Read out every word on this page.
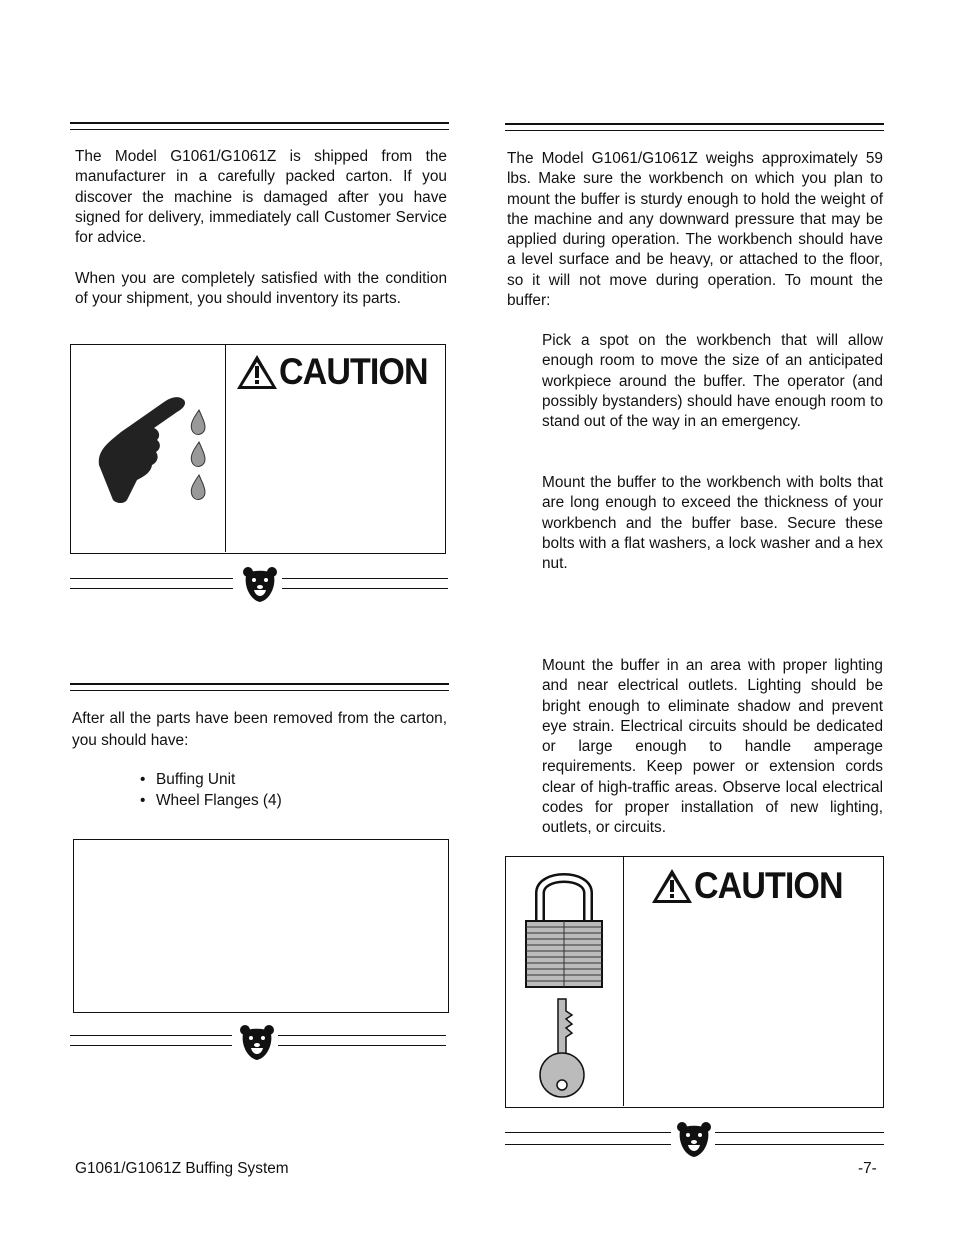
The Model G1061/G1061Z is shipped from the manufacturer in a carefully packed carton. If you discover the machine is damaged after you have signed for delivery, immediately call Customer Service for advice.

When you are completely satisfied with the condition of your shipment, you should inventory its parts.

CAUTION

After all the parts have been removed from the carton, you should have:

• Buffing Unit
• Wheel Flanges (4)

The Model G1061/G1061Z weighs approximately 59 lbs. Make sure the workbench on which you plan to mount the buffer is sturdy enough to hold the weight of the machine and any downward pressure that may be applied during operation. The workbench should have a level surface and be heavy, or attached to the floor, so it will not move during operation. To mount the buffer:

Pick a spot on the workbench that will allow enough room to move the size of an anticipated workpiece around the buffer. The operator (and possibly bystanders) should have enough room to stand out of the way in an emergency.

Mount the buffer to the workbench with bolts that are long enough to exceed the thickness of your workbench and the buffer base. Secure these bolts with a flat washers, a lock washer and a hex nut.

Mount the buffer in an area with proper lighting and near electrical outlets. Lighting should be bright enough to eliminate shadow and prevent eye strain. Electrical circuits should be dedicated or large enough to handle amperage requirements. Keep power or extension cords clear of high-traffic areas. Observe local electrical codes for proper installation of new lighting, outlets, or circuits.

CAUTION
G1061/G1061Z Buffing System	-7-
